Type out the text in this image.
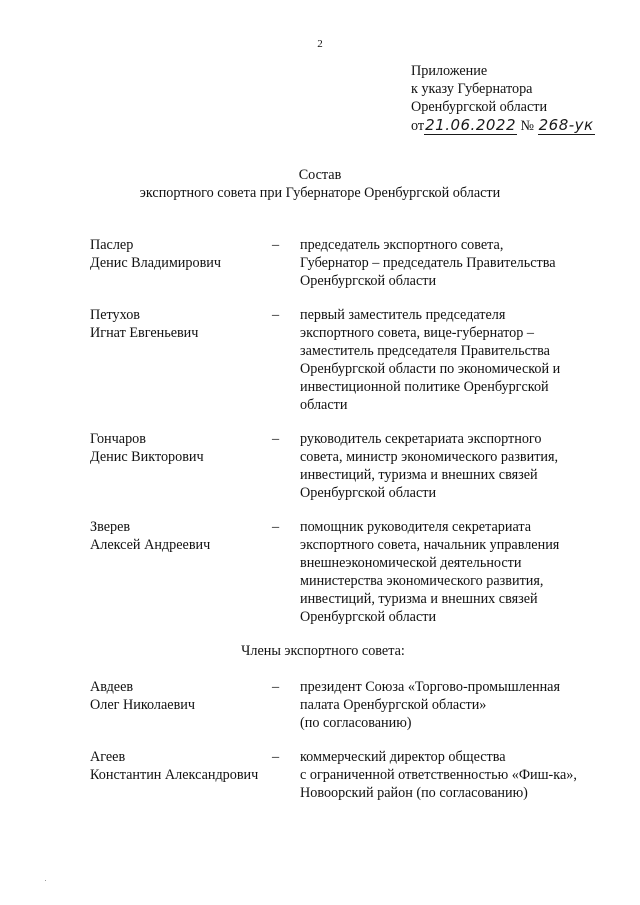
2
Приложение
к указу Губернатора
Оренбургской области
от21.06.2022 № 268-ук
Состав
экспортного совета при Губернаторе Оренбургской области
Паслер
Денис Владимирович
–	председатель экспортного совета,
Губернатор – председатель Правительства
Оренбургской области
Петухов
Игнат Евгеньевич
–	первый заместитель председателя
экспортного совета, вице-губернатор –
заместитель председателя Правительства
Оренбургской области по экономической и
инвестиционной политике Оренбургской
области
Гончаров
Денис Викторович
–	руководитель секретариата экспортного
совета, министр экономического развития,
инвестиций, туризма и внешних связей
Оренбургской области
Зверев
Алексей Андреевич
–	помощник руководителя секретариата
экспортного совета, начальник управления
внешнеэкономической деятельности
министерства экономического развития,
инвестиций, туризма и внешних связей
Оренбургской области
Члены экспортного совета:
Авдеев
Олег Николаевич
–	президент Союза «Торгово-промышленная
палата Оренбургской области»
(по согласованию)
Агеев
Константин Александрович
–	коммерческий директор общества
с ограниченной ответственностью «Фиш-ка»,
Новоорский район (по согласованию)
